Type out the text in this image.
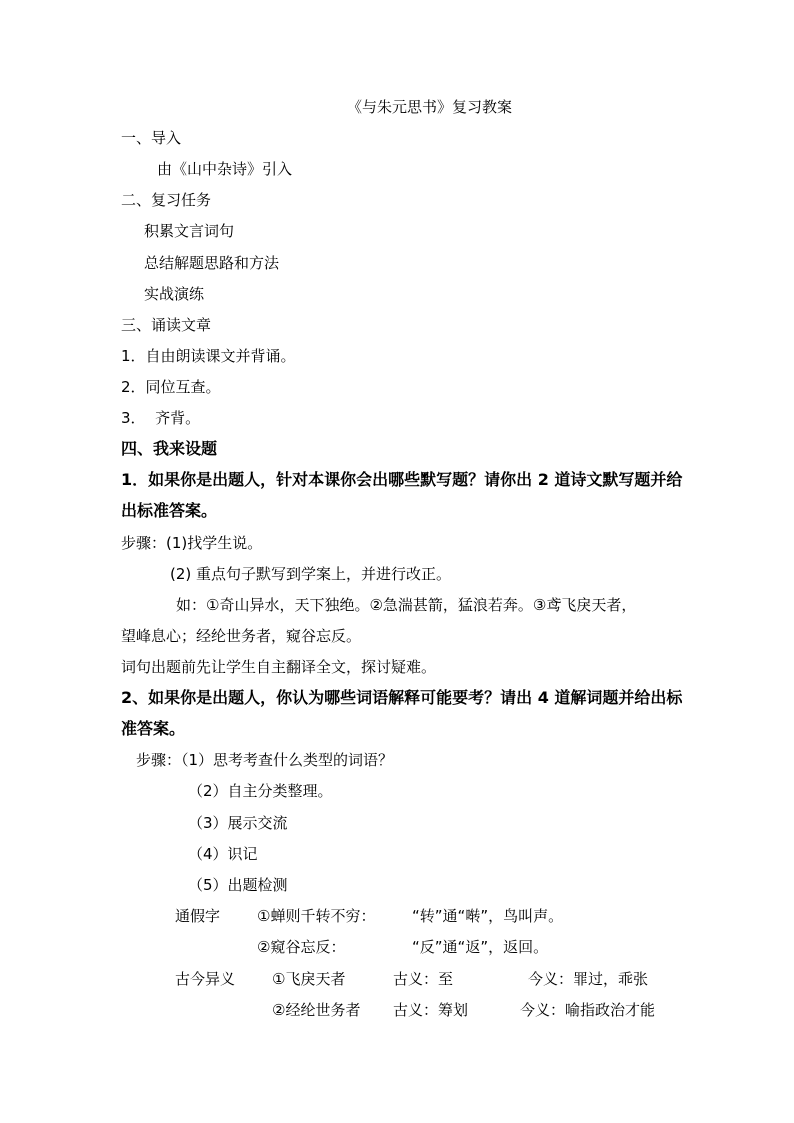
《与朱元思书》复习教案
一、导入
由《山中杂诗》引入
二、复习任务
积累文言词句
总结解题思路和方法
实战演练
三、诵读文章
1．自由朗读课文并背诵。
2．同位互查。
3．  齐背。
四、我来设题
1．如果你是出题人，针对本课你会出哪些默写题？请你出 2 道诗文默写题并给
出标准答案。
步骤：(1)找学生说。
(2) 重点句子默写到学案上，并进行改正。
如：①奇山异水，天下独绝。②急湍甚箭，猛浪若奔。③鸢飞戾天者，
望峰息心；经纶世务者，窥谷忘反。
词句出题前先让学生自主翻译全文，探讨疑难。
2、如果你是出题人，你认为哪些词语解释可能要考？请出 4 道解词题并给出标
准答案。
步骤：（1）思考考查什么类型的词语？
（2）自主分类整理。
（3）展示交流
（4）识记
（5）出题检测
通假字 ①蝉则千转不穷： “转”通“啭”，鸟叫声。
②窥谷忘反：	“反”通“返”，返回。
古今异义 ①飞戾天者	古义：至	今义：罪过，乖张
②经纶世务者 古义：筹划	今义：喻指政治才能
